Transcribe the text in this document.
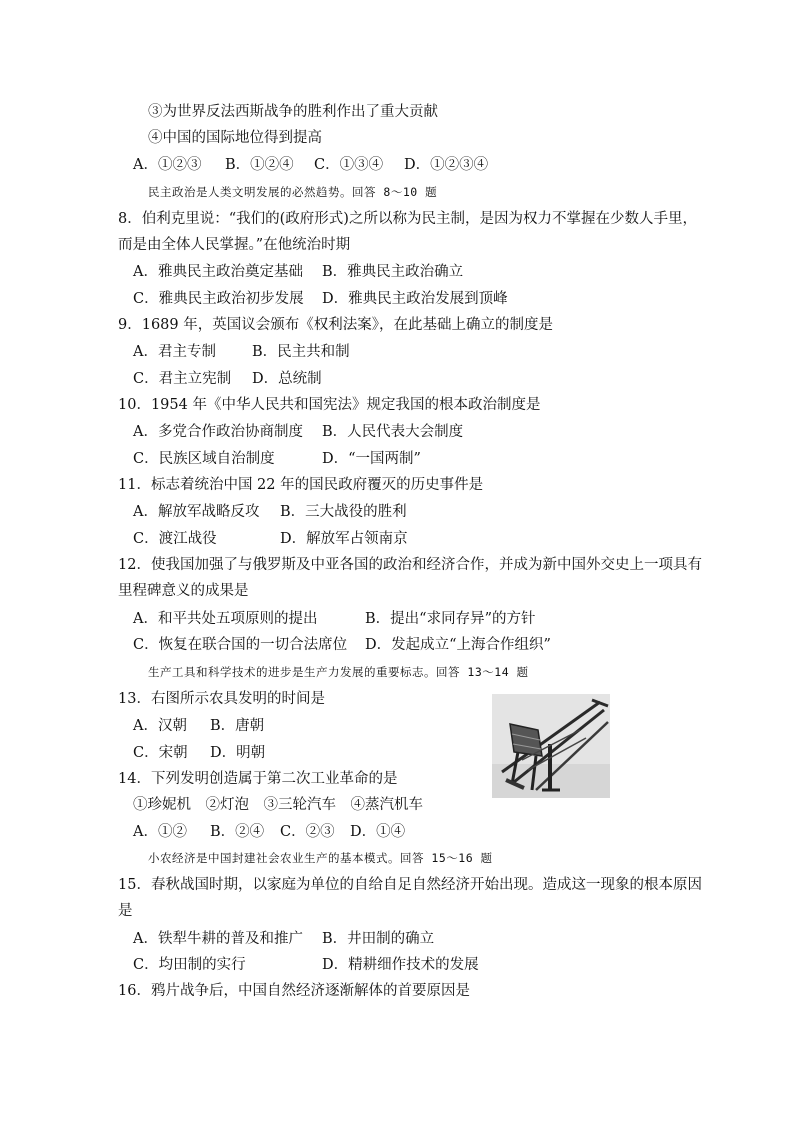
③为世界反法西斯战争的胜利作出了重大贡献
④中国的国际地位得到提高
A．①②③ B．①②④ C．①③④ D．①②③④
民主政治是人类文明发展的必然趋势。回答 8～10 题
8．伯利克里说：“我们的(政府形式)之所以称为民主制，是因为权力不掌握在少数人手里，
而是由全体人民掌握。”在他统治时期
A．雅典民主政治奠定基础 B．雅典民主政治确立
C．雅典民主政治初步发展 D．雅典民主政治发展到顶峰
9．1689 年，英国议会颁布《权利法案》，在此基础上确立的制度是
A．君主专制 B．民主共和制
C．君主立宪制 D．总统制
10．1954 年《中华人民共和国宪法》规定我国的根本政治制度是
A．多党合作政治协商制度 B．人民代表大会制度
C．民族区域自治制度	D．“一国两制”
11．标志着统治中国 22 年的国民政府覆灭的历史事件是
A．解放军战略反攻 B．三大战役的胜利
C．渡江战役	D．解放军占领南京
12．使我国加强了与俄罗斯及中亚各国的政治和经济合作，并成为新中国外交史上一项具有
里程碑意义的成果是
A．和平共处五项原则的提出	B．提出“求同存异”的方针
C．恢复在联合国的一切合法席位 D．发起成立“上海合作组织”
生产工具和科学技术的进步是生产力发展的重要标志。回答 13～14 题
13．右图所示农具发明的时间是
A．汉朝 B．唐朝
C．宋朝 D．明朝
14．下列发明创造属于第二次工业革命的是
①珍妮机　②灯泡　③三轮汽车　④蒸汽机车
A．①② B．②④ C．②③ D．①④
小农经济是中国封建社会农业生产的基本模式。回答 15～16 题
15．春秋战国时期，以家庭为单位的自给自足自然经济开始出现。造成这一现象的根本原因
是
A．铁犁牛耕的普及和推广 B．井田制的确立
C．均田制的实行	D．精耕细作技术的发展
16．鸦片战争后，中国自然经济逐渐解体的首要原因是
